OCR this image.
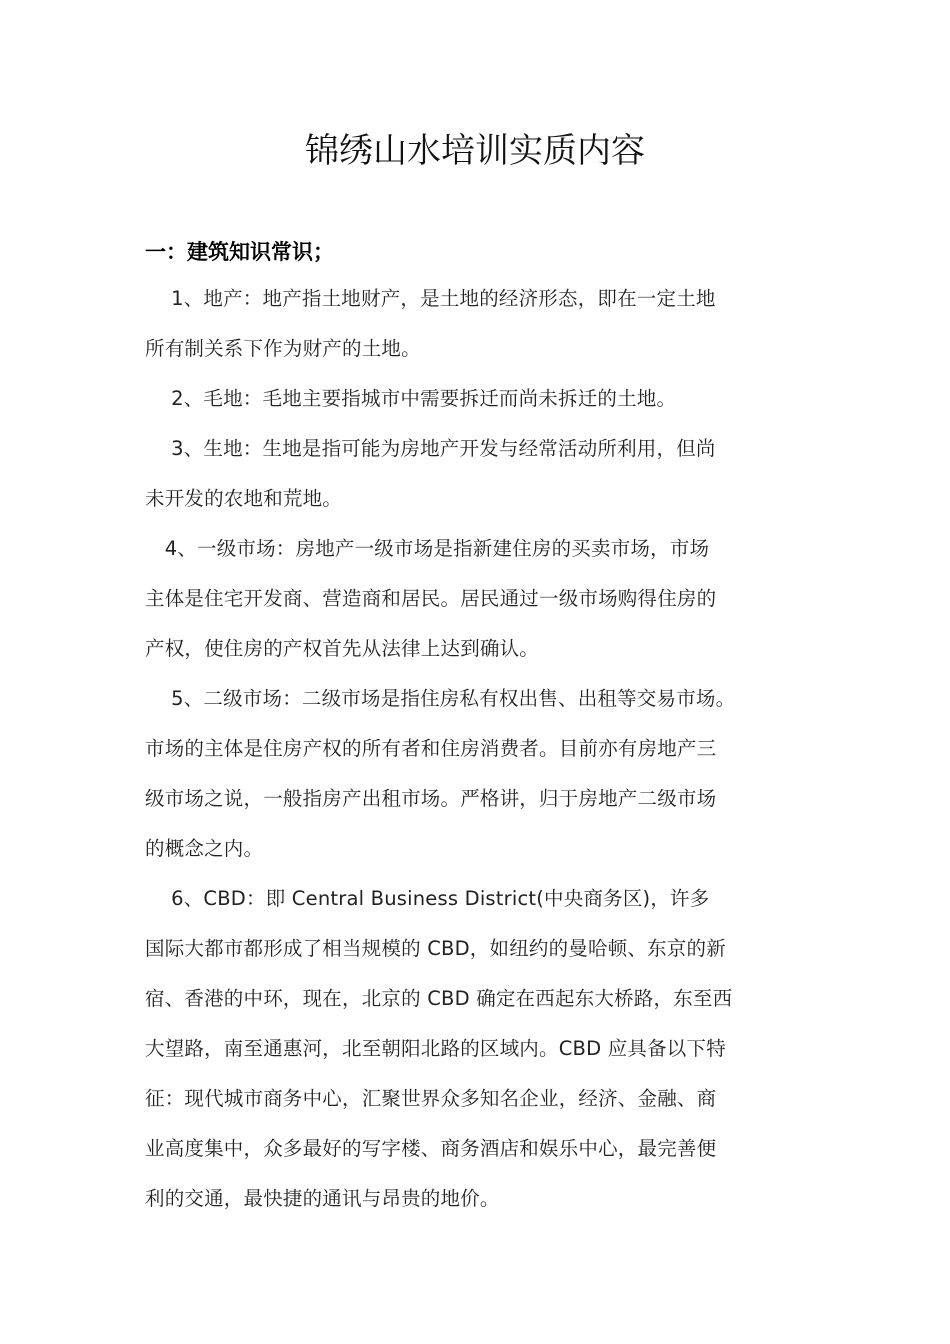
锦绣山水培训实质内容
一：建筑知识常识；
　 1、地产：地产指土地财产，是土地的经济形态，即在一定土地
所有制关系下作为财产的土地。
　 2、毛地：毛地主要指城市中需要拆迁而尚未拆迁的土地。
　 3、生地：生地是指可能为房地产开发与经常活动所利用，但尚
未开发的农地和荒地。
　4、一级市场：房地产一级市场是指新建住房的买卖市场，市场
主体是住宅开发商、营造商和居民。居民通过一级市场购得住房的
产权，使住房的产权首先从法律上达到确认。
　 5、二级市场：二级市场是指住房私有权出售、出租等交易市场。
市场的主体是住房产权的所有者和住房消费者。目前亦有房地产三
级市场之说，一般指房产出租市场。严格讲，归于房地产二级市场
的概念之内。
　 6、CBD：即 Central Business District(中央商务区)，许多
国际大都市都形成了相当规模的 CBD，如纽约的曼哈顿、东京的新
宿、香港的中环，现在，北京的 CBD 确定在西起东大桥路，东至西
大望路，南至通惠河，北至朝阳北路的区域内。CBD 应具备以下特
征：现代城市商务中心，汇聚世界众多知名企业，经济、金融、商
业高度集中，众多最好的写字楼、商务酒店和娱乐中心，最完善便
利的交通，最快捷的通讯与昂贵的地价。
